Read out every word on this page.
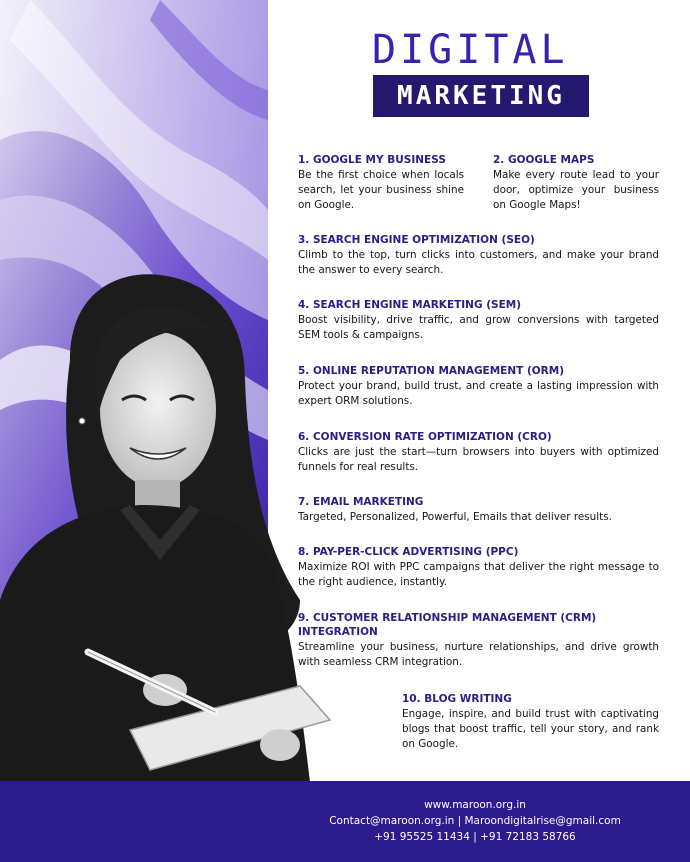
DIGITAL
MARKETING
1. GOOGLE MY BUSINESS

Be the first choice when locals search, let your business shine on Google.

2. GOOGLE MAPS

Make every route lead to your door, optimize your business on Google Maps!

3. SEARCH ENGINE OPTIMIZATION (SEO)

Climb to the top, turn clicks into customers, and make your brand the answer to every search.

4. SEARCH ENGINE MARKETING (SEM)

Boost visibility, drive traffic, and grow conversions with targeted SEM tools & campaigns.

5. ONLINE REPUTATION MANAGEMENT (ORM)

Protect your brand, build trust, and create a lasting impression with expert ORM solutions.

6. CONVERSION RATE OPTIMIZATION (CRO)

Clicks are just the start—turn browsers into buyers with optimized funnels for real results.

7. EMAIL MARKETING

Targeted, Personalized, Powerful, Emails that deliver results.

8. PAY-PER-CLICK ADVERTISING (PPC)

Maximize ROI with PPC campaigns that deliver the right message to the right audience, instantly.

9. CUSTOMER RELATIONSHIP MANAGEMENT (CRM) INTEGRATION

Streamline your business, nurture relationships, and drive growth with seamless CRM integration.

10. BLOG WRITING

Engage, inspire, and build trust with captivating blogs that boost traffic, tell your story, and rank on Google.

www.maroon.org.in
Contact@maroon.org.in | Maroondigitalrise@gmail.com
+91 95525 11434 | +91 72183 58766
